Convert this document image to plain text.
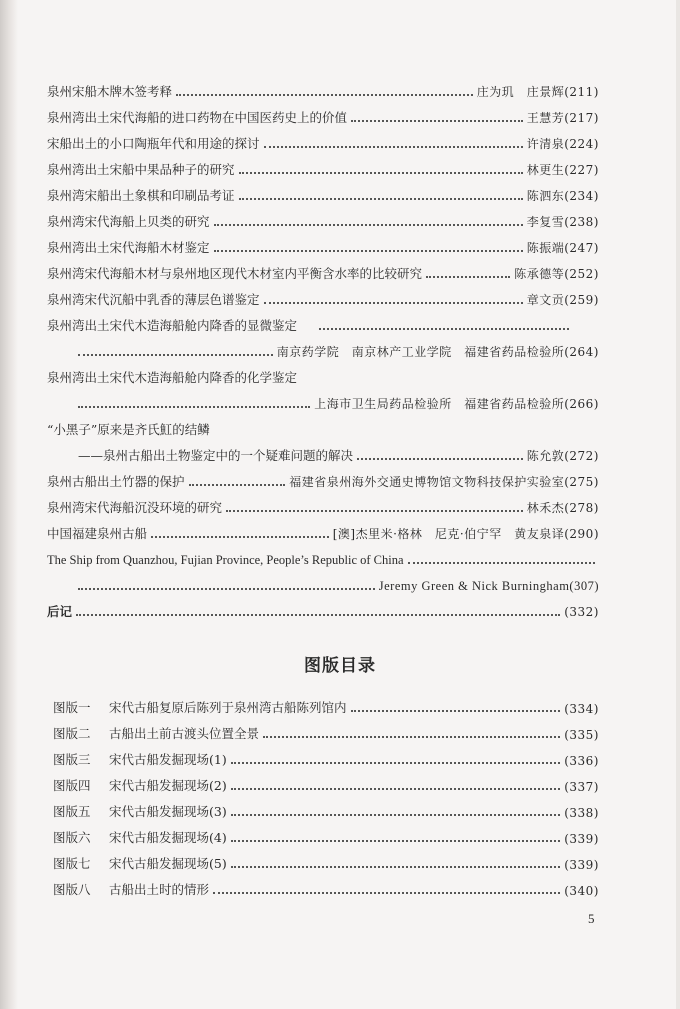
泉州宋船木牌木签考释	庄为玑　庄景辉(211)
泉州湾出土宋代海船的进口药物在中国医药史上的价值	王慧芳(217)
宋船出土的小口陶瓶年代和用途的探讨	许清泉(224)
泉州湾出土宋船中果品种子的研究	林更生(227)
泉州湾宋船出土象棋和印刷品考证	陈泗东(234)
泉州湾宋代海船上贝类的研究	李复雪(238)
泉州湾出土宋代海船木材鉴定	陈振端(247)
泉州湾宋代海船木材与泉州地区现代木材室内平衡含水率的比较研究	陈承德等(252)
泉州湾宋代沉船中乳香的薄层色谱鉴定	章文贡(259)
泉州湾出土宋代木造海船舱内降香的显微鉴定
南京药学院　南京林产工业学院　福建省药品检验所(264)
泉州湾出土宋代木造海船舱内降香的化学鉴定
上海市卫生局药品检验所　福建省药品检验所(266)
“小黑子”原来是齐氏魟的结鳞
——泉州古船出土物鉴定中的一个疑难问题的解决	陈允敦(272)
泉州古船出土竹器的保护	福建省泉州海外交通史博物馆文物科技保护实验室(275)
泉州湾宋代海船沉没环境的研究	林禾杰(278)
中国福建泉州古船	[澳]杰里米·格林　尼克·伯宁罕　黄友泉译(290)
The Ship from Quanzhou, Fujian Province, People’s Republic of China
Jeremy Green & Nick Burningham(307)
后记	(332)
图版目录
图版一	宋代古船复原后陈列于泉州湾古船陈列馆内	(334)
图版二	古船出土前古渡头位置全景	(335)
图版三	宋代古船发掘现场(1)	(336)
图版四	宋代古船发掘现场(2)	(337)
图版五	宋代古船发掘现场(3)	(338)
图版六	宋代古船发掘现场(4)	(339)
图版七	宋代古船发掘现场(5)	(339)
图版八	古船出土时的情形	(340)
5
